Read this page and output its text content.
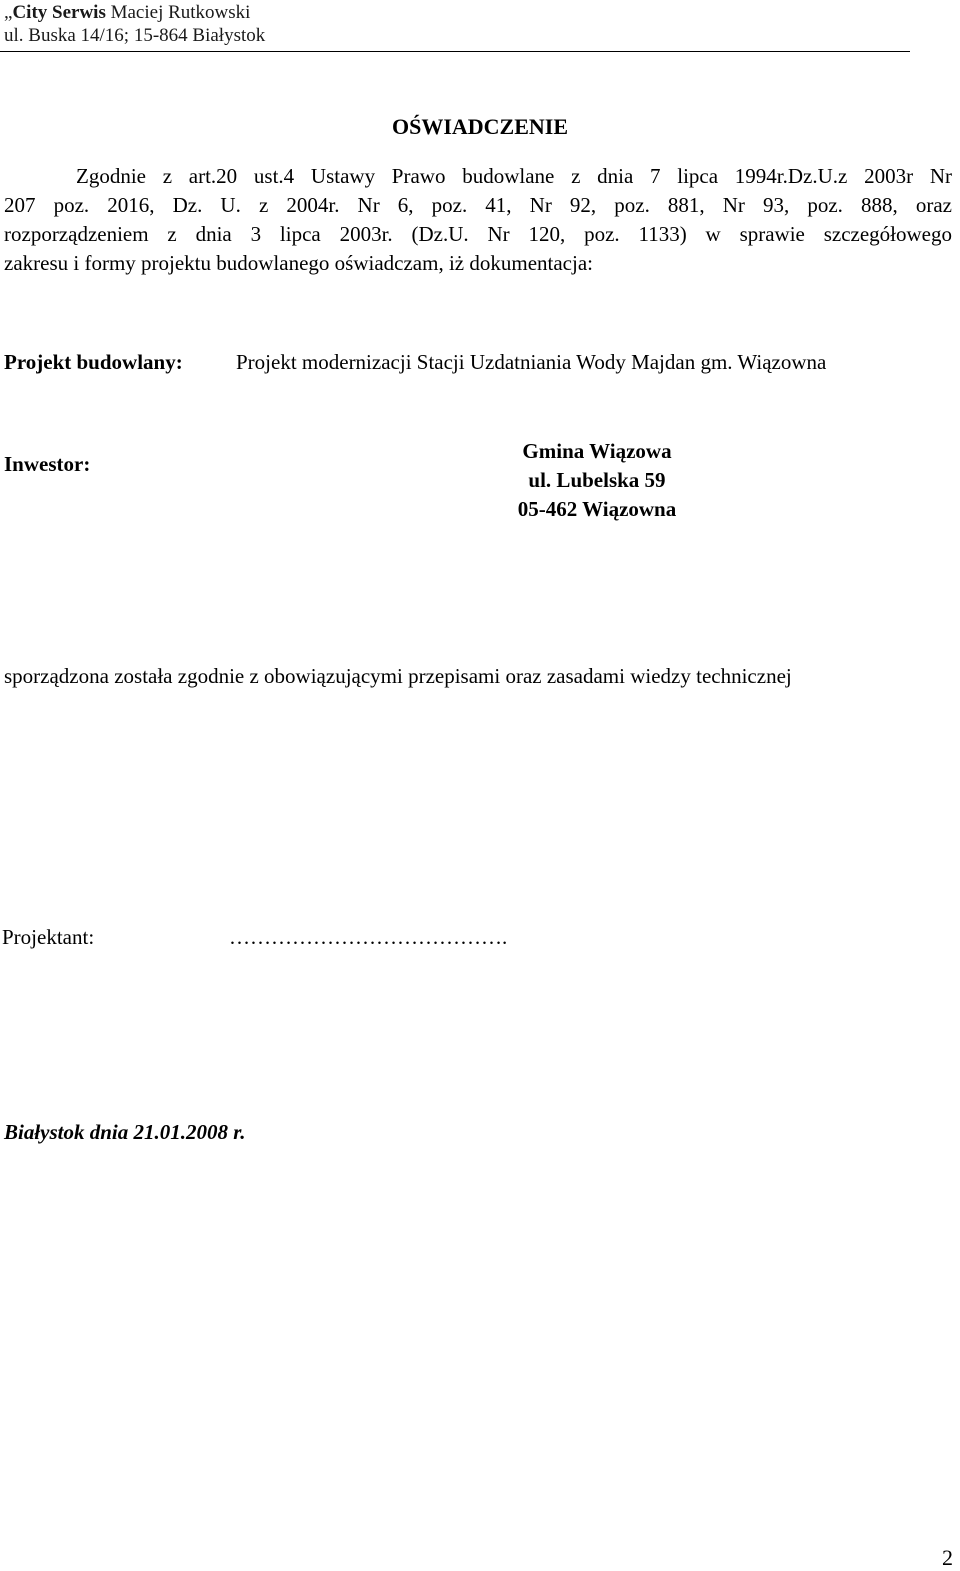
„City Serwis Maciej Rutkowski
ul. Buska 14/16; 15-864 Białystok
OŚWIADCZENIE
Zgodnie z art.20 ust.4 Ustawy Prawo budowlane z dnia 7 lipca 1994r.Dz.U.z 2003r Nr
207 poz. 2016, Dz. U. z 2004r. Nr 6, poz. 41, Nr 92, poz. 881, Nr 93, poz. 888, oraz
rozporządzeniem z dnia 3 lipca 2003r. (Dz.U. Nr 120, poz. 1133) w sprawie szczegółowego
zakresu i formy projektu budowlanego oświadczam, iż dokumentacja:
Projekt budowlany:	Projekt modernizacji Stacji Uzdatniania Wody Majdan gm. Wiązowna
Inwestor:
Gmina Wiązowa
ul. Lubelska 59
05-462 Wiązowna
sporządzona została zgodnie z obowiązującymi przepisami oraz zasadami wiedzy technicznej
Projektant:	………………………………….
Białystok dnia 21.01.2008 r.
2
